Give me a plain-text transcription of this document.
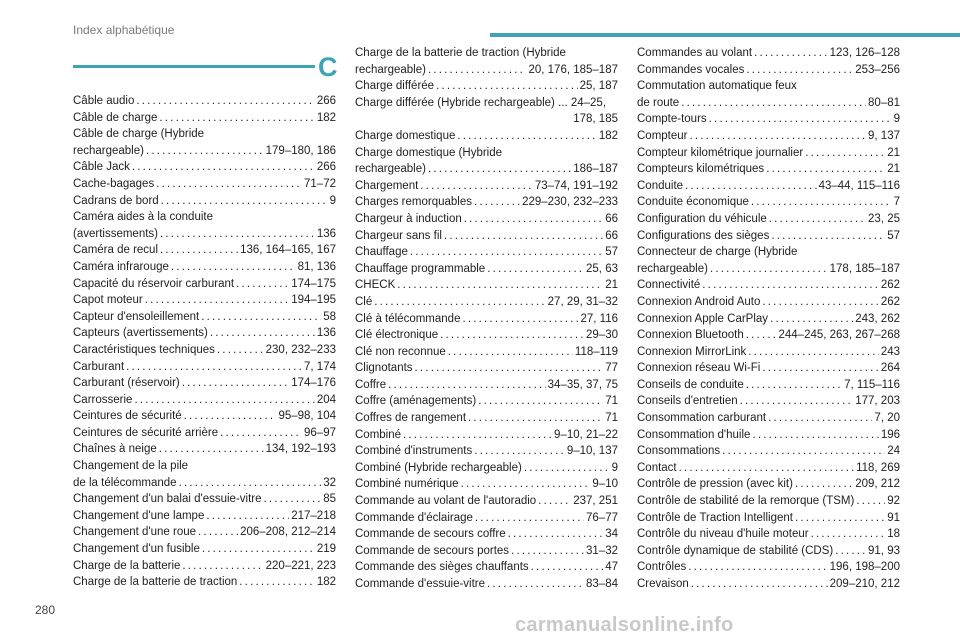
Index alphabétique
C
Câble audio . . .	266
Câble de charge . . .	182
Câble de charge (Hybride
rechargeable) . . .	179–180, 186
Câble Jack . . .	266
Cache-bagages . . .	71–72
Cadrans de bord . . .	9
Caméra aides à la conduite
(avertissements) . . .	136
Caméra de recul . . .	136, 164–165, 167
Caméra infrarouge . . .	81, 136
Capacité du réservoir carburant . . .	174–175
Capot moteur . . .	194–195
Capteur d'ensoleillement . . .	58
Capteurs (avertissements) . . .	136
Caractéristiques techniques . . .	230, 232–233
Carburant . . .	7, 174
Carburant (réservoir) . . .	174–176
Carrosserie . . .	204
Ceintures de sécurité . . .	95–98, 104
Ceintures de sécurité arrière . . .	96–97
Chaînes à neige . . .	134, 192–193
Changement de la pile
de la télécommande . . .	32
Changement d'un balai d'essuie-vitre . . .	85
Changement d'une lampe . . .	217–218
Changement d'une roue . . .	206–208, 212–214
Changement d'un fusible . . .	219
Charge de la batterie . . .	220–221, 223
Charge de la batterie de traction . . .	182
Charge de la batterie de traction (Hybride
rechargeable) . . .	20, 176, 185–187
Charge différée . . .	25, 187
Charge différée (Hybride rechargeable) ... 24–25,
178, 185
Charge domestique . . .	182
Charge domestique (Hybride
rechargeable) . . .	186–187
Chargement . . .	73–74, 191–192
Charges remorquables . . .	229–230, 232–233
Chargeur à induction . . .	66
Chargeur sans fil . . .	66
Chauffage . . .	57
Chauffage programmable . . .	25, 63
CHECK . . .	21
Clé . . .	27, 29, 31–32
Clé à télécommande . . .	27, 116
Clé électronique . . .	29–30
Clé non reconnue . . .	118–119
Clignotants . . .	77
Coffre . . .	34–35, 37, 75
Coffre (aménagements) . . .	71
Coffres de rangement . . .	71
Combiné . . .	9–10, 21–22
Combiné d'instruments . . .	9–10, 137
Combiné (Hybride rechargeable) . . .	9
Combiné numérique . . .	9–10
Commande au volant de l'autoradio . . .	237, 251
Commande d'éclairage . . .	76–77
Commande de secours coffre . . .	34
Commande de secours portes . . .	31–32
Commande des sièges chauffants . . .	47
Commande d'essuie-vitre . . .	83–84
Commandes au volant . . .	123, 126–128
Commandes vocales . . .	253–256
Commutation automatique feux
de route . . .	80–81
Compte-tours . . .	9
Compteur . . .	9, 137
Compteur kilométrique journalier . . .	21
Compteurs kilométriques . . .	21
Conduite . . .	43–44, 115–116
Conduite économique . . .	7
Configuration du véhicule . . .	23, 25
Configurations des sièges . . .	57
Connecteur de charge (Hybride
rechargeable) . . .	178, 185–187
Connectivité . . .	262
Connexion Android Auto . . .	262
Connexion Apple CarPlay . . .	243, 262
Connexion Bluetooth . . .	244–245, 263, 267–268
Connexion MirrorLink . . .	243
Connexion réseau Wi-Fi . . .	264
Conseils de conduite . . .	7, 115–116
Conseils d'entretien . . .	177, 203
Consommation carburant . . .	7, 20
Consommation d'huile . . .	196
Consommations . . .	24
Contact . . .	118, 269
Contrôle de pression (avec kit) . . .	209, 212
Contrôle de stabilité de la remorque (TSM) . . .	92
Contrôle de Traction Intelligent . . .	91
Contrôle du niveau d'huile moteur . . .	18
Contrôle dynamique de stabilité (CDS) . . .	91, 93
Contrôles . . .	196, 198–200
Crevaison . . .	209–210, 212
280
carmanualsonline.info
